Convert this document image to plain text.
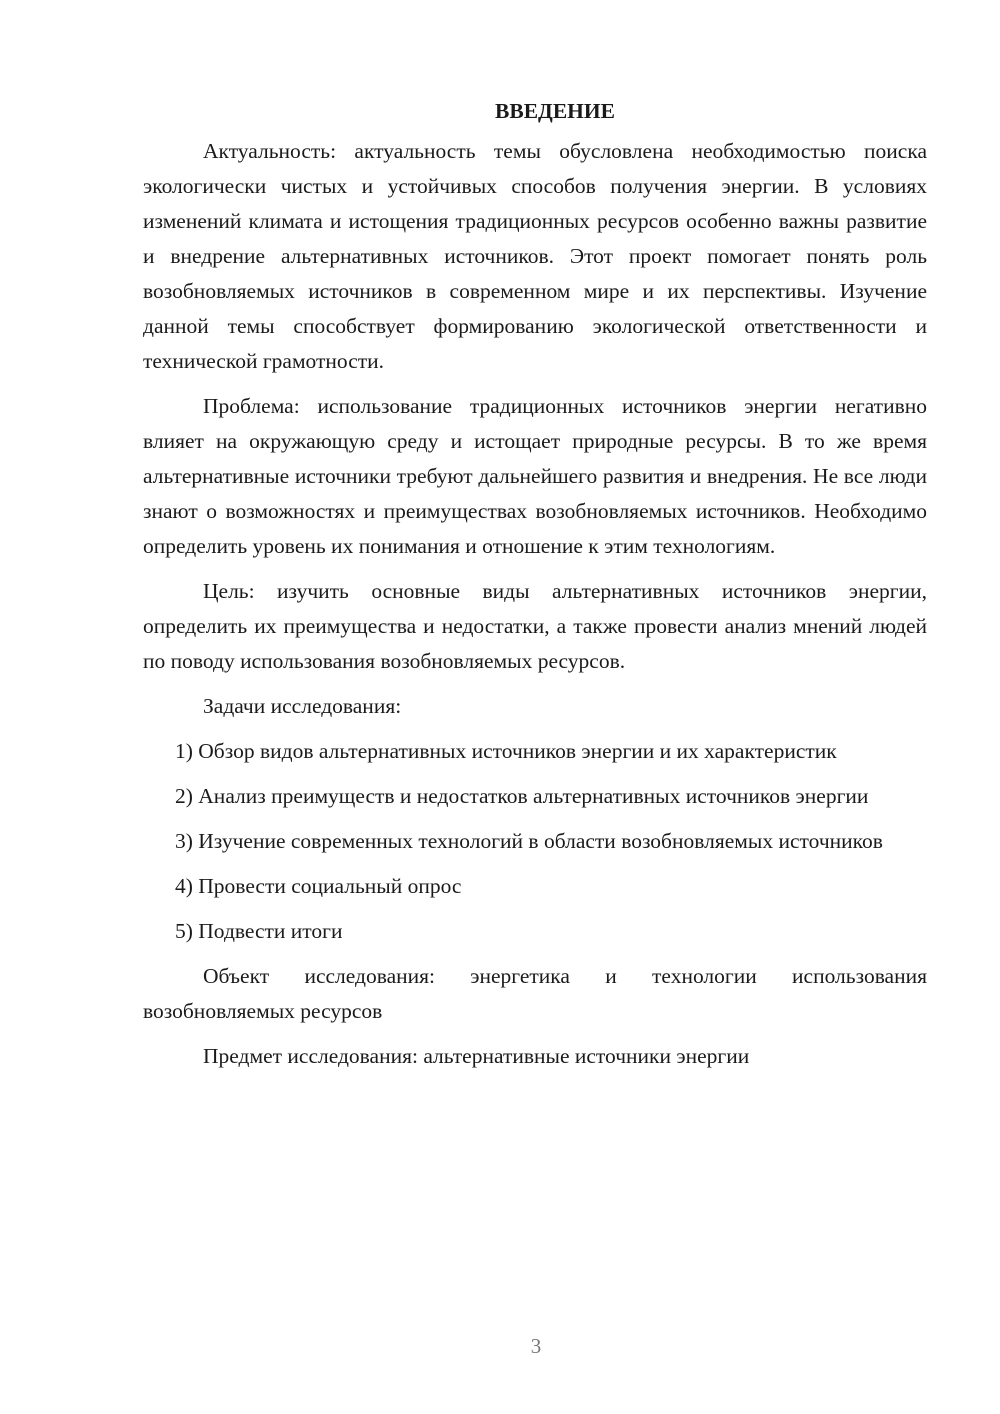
ВВЕДЕНИЕ

Актуальность: актуальность темы обусловлена необходимостью поиска экологически чистых и устойчивых способов получения энергии. В условиях изменений климата и истощения традиционных ресурсов особенно важны развитие и внедрение альтернативных источников. Этот проект помогает понять роль возобновляемых источников в современном мире и их перспективы. Изучение данной темы способствует формированию экологической ответственности и технической грамотности.

Проблема: использование традиционных источников энергии негативно влияет на окружающую среду и истощает природные ресурсы. В то же время альтернативные источники требуют дальнейшего развития и внедрения. Не все люди знают о возможностях и преимуществах возобновляемых источников. Необходимо определить уровень их понимания и отношение к этим технологиям.

Цель: изучить основные виды альтернативных источников энергии, определить их преимущества и недостатки, а также провести анализ мнений людей по поводу использования возобновляемых ресурсов.

Задачи исследования:

1) Обзор видов альтернативных источников энергии и их характеристик

2) Анализ преимуществ и недостатков альтернативных источников энергии

3) Изучение современных технологий в области возобновляемых источников

4) Провести социальный опрос

5) Подвести итоги

Объект исследования: энергетика и технологии использования возобновляемых ресурсов

Предмет исследования: альтернативные источники энергии

3
